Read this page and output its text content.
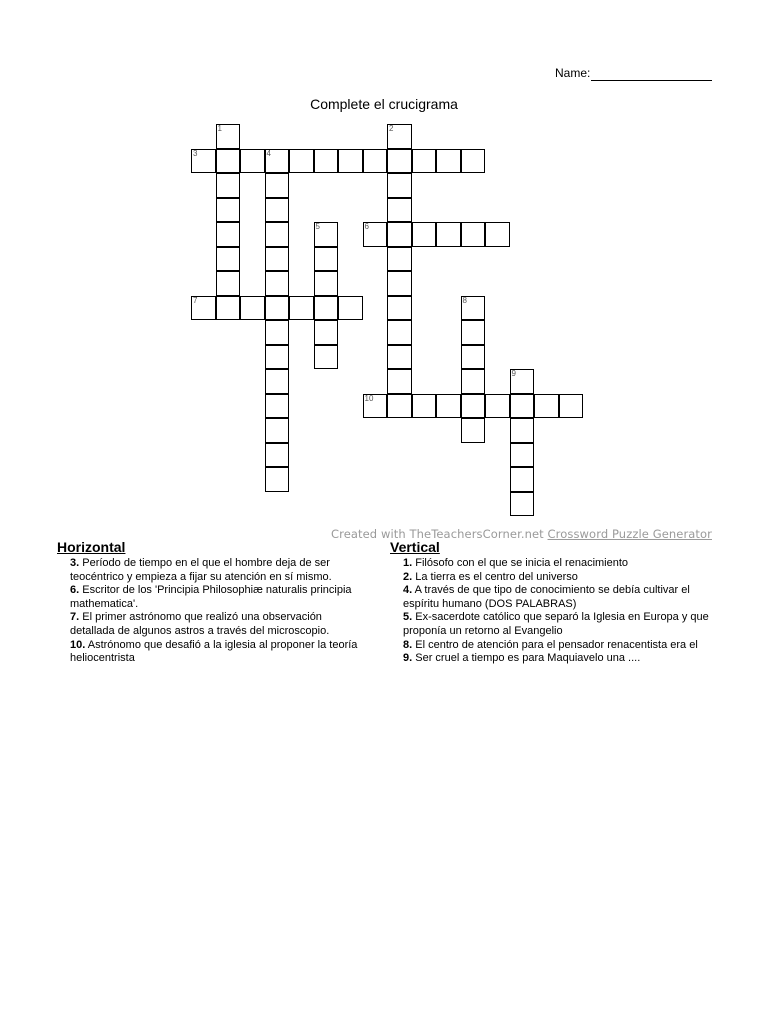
Name:
Complete el crucigrama
1	2
3	4
5	6
7	8
9
10
Created with TheTeachersCorner.net Crossword Puzzle Generator
Horizontal
3. Período de tiempo en el que el hombre deja de ser teocéntrico y empieza a fijar su atención en sí mismo.
6. Escritor de los 'Principia Philosophiæ naturalis principia mathematica'.
7. El primer astrónomo que realizó una observación detallada de algunos astros a través del microscopio.
10. Astrónomo que desafió a la iglesia al proponer la teoría heliocentrista
Vertical
1. Filósofo con el que se inicia el renacimiento
2. La tierra es el centro del universo
4. A través de que tipo de conocimiento se debía cultivar el espíritu humano (DOS PALABRAS)
5. Ex-sacerdote católico que separó la Iglesia en Europa y que proponía un retorno al Evangelio
8. El centro de atención para el pensador renacentista era el
9. Ser cruel a tiempo es para Maquiavelo una ....
